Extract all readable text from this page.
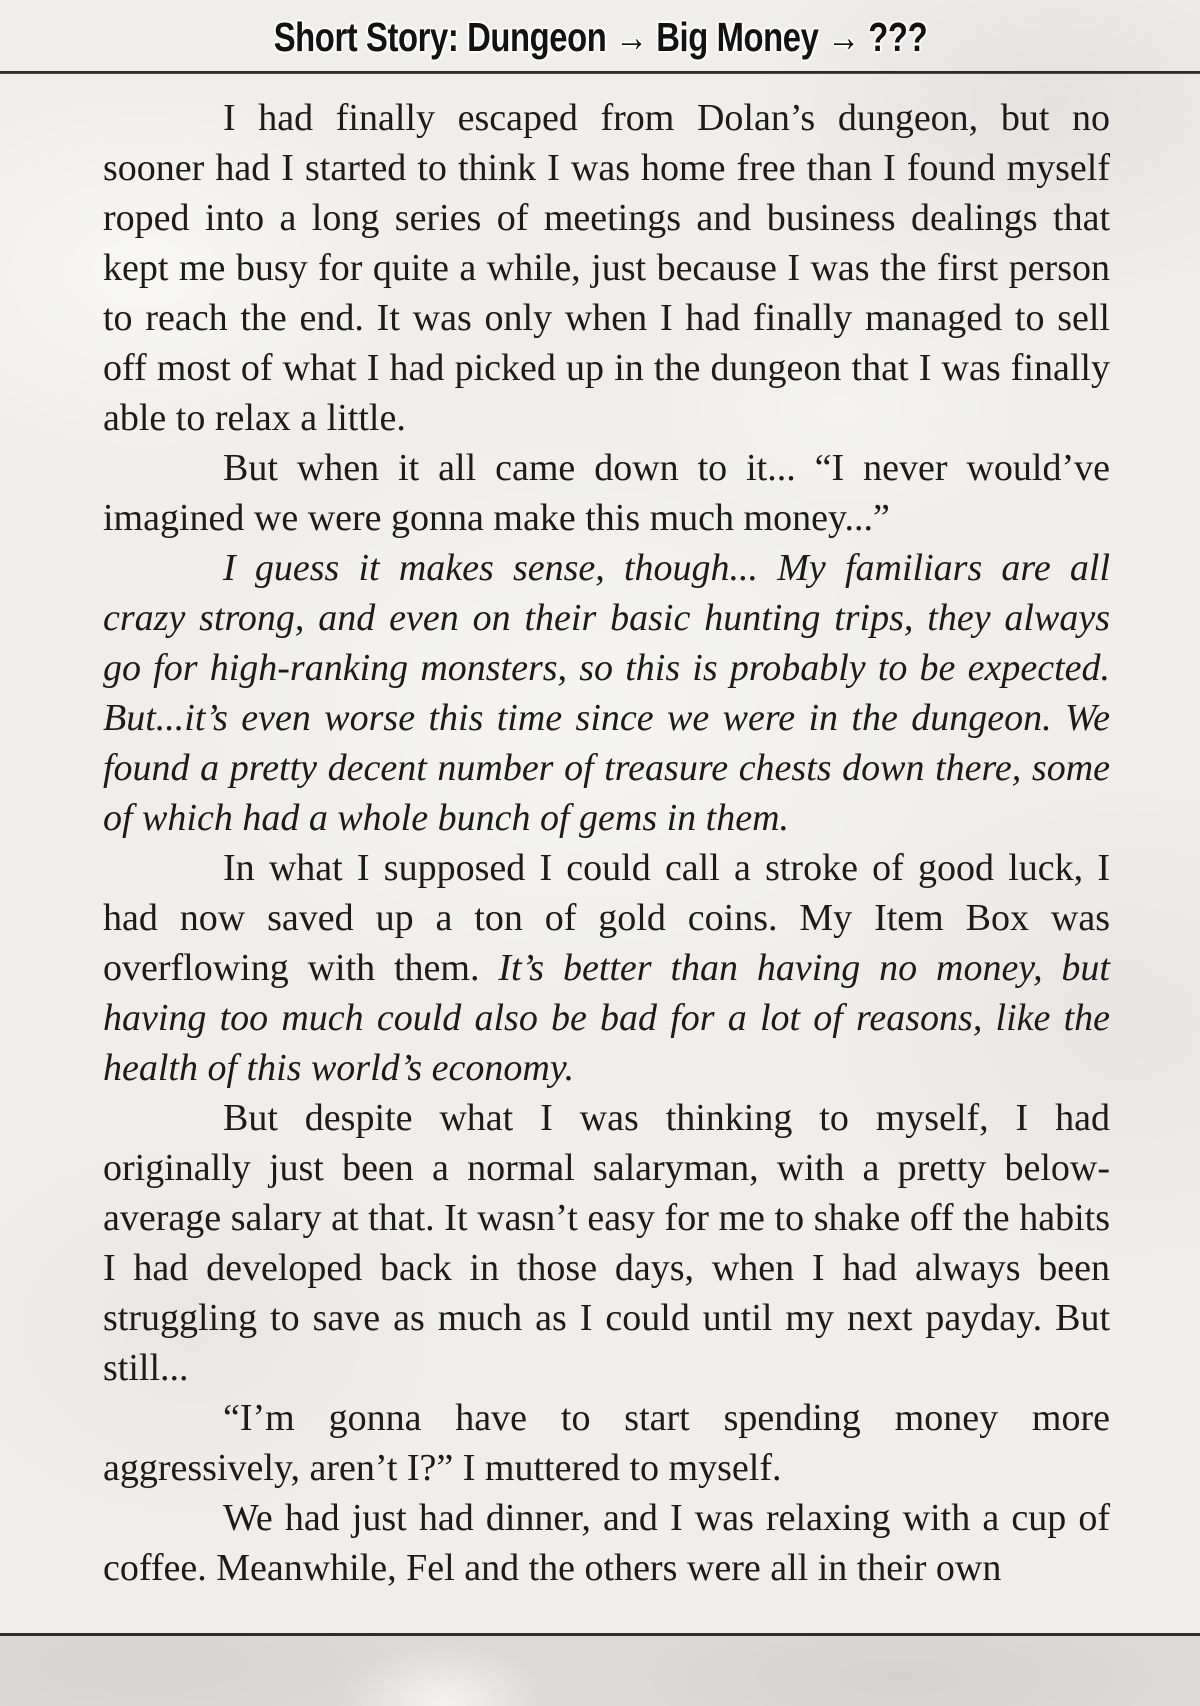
Short Story: Dungeon → Big Money → ???

I had finally escaped from Dolan’s dungeon, but no sooner had I started to think I was home free than I found myself roped into a long series of meetings and business dealings that kept me busy for quite a while, just because I was the first person to reach the end. It was only when I had finally managed to sell off most of what I had picked up in the dungeon that I was finally able to relax a little.

But when it all came down to it... “I never would’ve imagined we were gonna make this much money...”

I guess it makes sense, though... My familiars are all crazy strong, and even on their basic hunting trips, they always go for high-ranking monsters, so this is probably to be expected. But...it’s even worse this time since we were in the dungeon. We found a pretty decent number of treasure chests down there, some of which had a whole bunch of gems in them.

In what I supposed I could call a stroke of good luck, I had now saved up a ton of gold coins. My Item Box was overflowing with them. It’s better than having no money, but having too much could also be bad for a lot of reasons, like the health of this world’s economy.

But despite what I was thinking to myself, I had originally just been a normal salaryman, with a pretty below-average salary at that. It wasn’t easy for me to shake off the habits I had developed back in those days, when I had always been struggling to save as much as I could until my next payday. But still...

“I’m gonna have to start spending money more aggressively, aren’t I?” I muttered to myself.

We had just had dinner, and I was relaxing with a cup of coffee. Meanwhile, Fel and the others were all in their own
